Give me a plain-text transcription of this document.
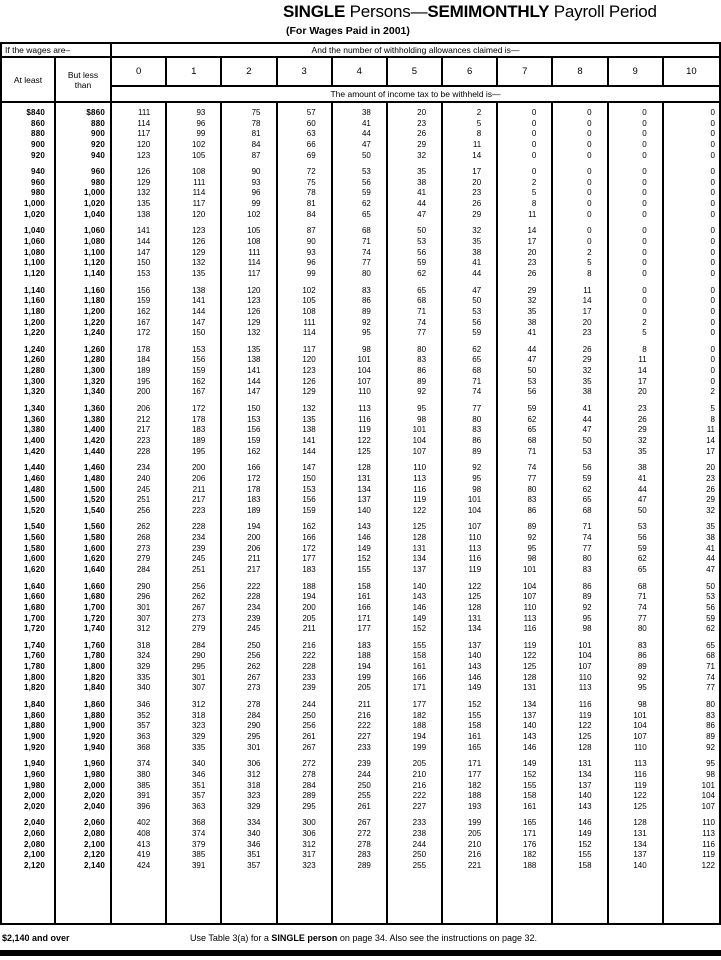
SINGLE Persons—SEMIMONTHLY Payroll Period
(For Wages Paid in 2001)
If the wages are–	And the number of withholding allowances claimed is—
At least	But less than
0	1	2	3	4	5	6	7	8	9	10
The amount of income tax to be withheld is—
$840	$860	111	93	75	57	38	20	2	0	0	0	0
860	880	114	96	78	60	41	23	5	0	0	0	0
880	900	117	99	81	63	44	26	8	0	0	0	0
900	920	120	102	84	66	47	29	11	0	0	0	0
920	940	123	105	87	69	50	32	14	0	0	0	0
940	960	126	108	90	72	53	35	17	0	0	0	0
960	980	129	111	93	75	56	38	20	2	0	0	0
980	1,000	132	114	96	78	59	41	23	5	0	0	0
1,000	1,020	135	117	99	81	62	44	26	8	0	0	0
1,020	1,040	138	120	102	84	65	47	29	11	0	0	0
1,040	1,060	141	123	105	87	68	50	32	14	0	0	0
1,060	1,080	144	126	108	90	71	53	35	17	0	0	0
1,080	1,100	147	129	111	93	74	56	38	20	2	0	0
1,100	1,120	150	132	114	96	77	59	41	23	5	0	0
1,120	1,140	153	135	117	99	80	62	44	26	8	0	0
1,140	1,160	156	138	120	102	83	65	47	29	11	0	0
1,160	1,180	159	141	123	105	86	68	50	32	14	0	0
1,180	1,200	162	144	126	108	89	71	53	35	17	0	0
1,200	1,220	167	147	129	111	92	74	56	38	20	2	0
1,220	1,240	172	150	132	114	95	77	59	41	23	5	0
1,240	1,260	178	153	135	117	98	80	62	44	26	8	0
1,260	1,280	184	156	138	120	101	83	65	47	29	11	0
1,280	1,300	189	159	141	123	104	86	68	50	32	14	0
1,300	1,320	195	162	144	126	107	89	71	53	35	17	0
1,320	1,340	200	167	147	129	110	92	74	56	38	20	2
1,340	1,360	206	172	150	132	113	95	77	59	41	23	5
1,360	1,380	212	178	153	135	116	98	80	62	44	26	8
1,380	1,400	217	183	156	138	119	101	83	65	47	29	11
1,400	1,420	223	189	159	141	122	104	86	68	50	32	14
1,420	1,440	228	195	162	144	125	107	89	71	53	35	17
1,440	1,460	234	200	166	147	128	110	92	74	56	38	20
1,460	1,480	240	206	172	150	131	113	95	77	59	41	23
1,480	1,500	245	211	178	153	134	116	98	80	62	44	26
1,500	1,520	251	217	183	156	137	119	101	83	65	47	29
1,520	1,540	256	223	189	159	140	122	104	86	68	50	32
1,540	1,560	262	228	194	162	143	125	107	89	71	53	35
1,560	1,580	268	234	200	166	146	128	110	92	74	56	38
1,580	1,600	273	239	206	172	149	131	113	95	77	59	41
1,600	1,620	279	245	211	177	152	134	116	98	80	62	44
1,620	1,640	284	251	217	183	155	137	119	101	83	65	47
1,640	1,660	290	256	222	188	158	140	122	104	86	68	50
1,660	1,680	296	262	228	194	161	143	125	107	89	71	53
1,680	1,700	301	267	234	200	166	146	128	110	92	74	56
1,700	1,720	307	273	239	205	171	149	131	113	95	77	59
1,720	1,740	312	279	245	211	177	152	134	116	98	80	62
1,740	1,760	318	284	250	216	183	155	137	119	101	83	65
1,760	1,780	324	290	256	222	188	158	140	122	104	86	68
1,780	1,800	329	295	262	228	194	161	143	125	107	89	71
1,800	1,820	335	301	267	233	199	166	146	128	110	92	74
1,820	1,840	340	307	273	239	205	171	149	131	113	95	77
1,840	1,860	346	312	278	244	211	177	152	134	116	98	80
1,860	1,880	352	318	284	250	216	182	155	137	119	101	83
1,880	1,900	357	323	290	256	222	188	158	140	122	104	86
1,900	1,920	363	329	295	261	227	194	161	143	125	107	89
1,920	1,940	368	335	301	267	233	199	165	146	128	110	92
1,940	1,960	374	340	306	272	239	205	171	149	131	113	95
1,960	1,980	380	346	312	278	244	210	177	152	134	116	98
1,980	2,000	385	351	318	284	250	216	182	155	137	119	101
2,000	2,020	391	357	323	289	255	222	188	158	140	122	104
2,020	2,040	396	363	329	295	261	227	193	161	143	125	107
2,040	2,060	402	368	334	300	267	233	199	165	146	128	110
2,060	2,080	408	374	340	306	272	238	205	171	149	131	113
2,080	2,100	413	379	346	312	278	244	210	176	152	134	116
2,100	2,120	419	385	351	317	283	250	216	182	155	137	119
2,120	2,140	424	391	357	323	289	255	221	188	158	140	122
$2,140 and over	Use Table 3(a) for a SINGLE person on page 34. Also see the instructions on page 32.
